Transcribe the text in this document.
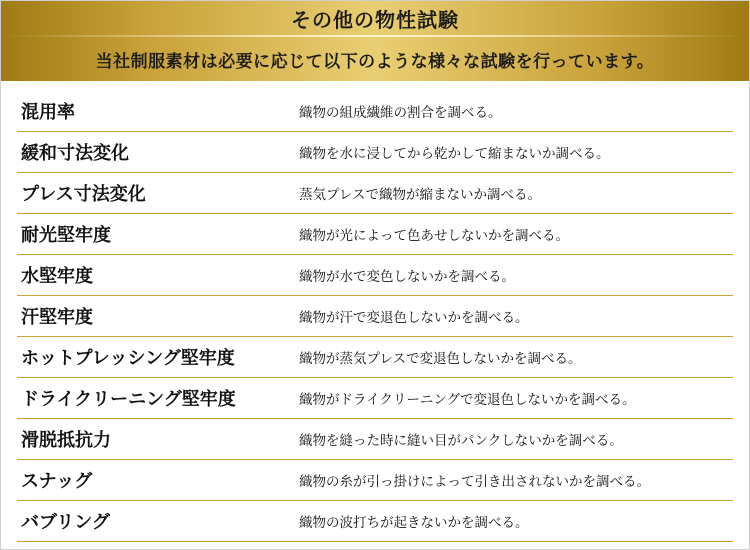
その他の物性試験
当社制服素材は必要に応じて以下のような様々な試験を行っています。
混用率	織物の組成繊維の割合を調べる。
緩和寸法変化	織物を水に浸してから乾かして縮まないか調べる。
プレス寸法変化	蒸気プレスで織物が縮まないか調べる。
耐光堅牢度	織物が光によって色あせしないかを調べる。
水堅牢度	織物が水で変色しないかを調べる。
汗堅牢度	織物が汗で変退色しないかを調べる。
ホットプレッシング堅牢度	織物が蒸気プレスで変退色しないかを調べる。
ドライクリーニング堅牢度	織物がドライクリーニングで変退色しないかを調べる。
滑脱抵抗力	織物を縫った時に縫い目がパンクしないかを調べる。
スナッグ	織物の糸が引っ掛けによって引き出されないかを調べる。
バブリング	織物の波打ちが起きないかを調べる。
